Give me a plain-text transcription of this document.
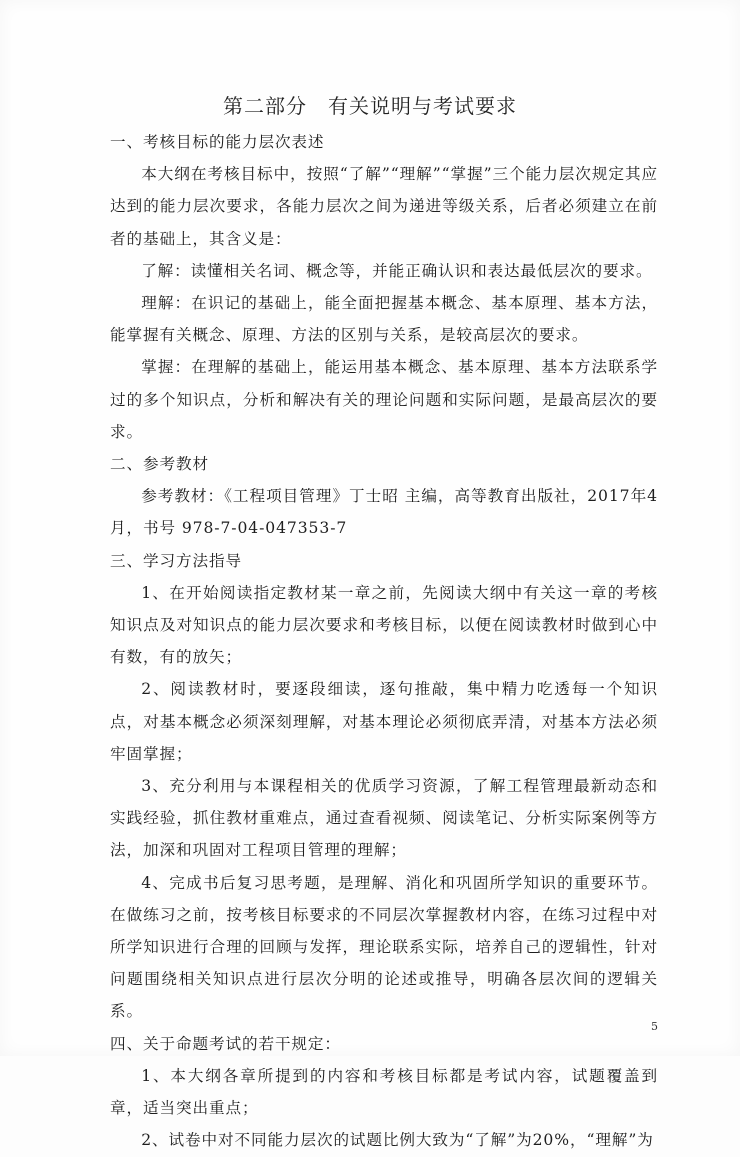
第二部分　有关说明与考试要求

一、考核目标的能力层次表述

本大纲在考核目标中，按照“了解”“理解”“掌握”三个能力层次规定其应达到的能力层次要求，各能力层次之间为递进等级关系，后者必须建立在前者的基础上，其含义是：

了解：读懂相关名词、概念等，并能正确认识和表达最低层次的要求。

理解：在识记的基础上，能全面把握基本概念、基本原理、基本方法，能掌握有关概念、原理、方法的区别与关系，是较高层次的要求。

掌握：在理解的基础上，能运用基本概念、基本原理、基本方法联系学过的多个知识点，分析和解决有关的理论问题和实际问题，是最高层次的要求。

二、参考教材

参考教材：《工程项目管理》丁士昭 主编，高等教育出版社，2017年4月，书号 978-7-04-047353-7

三、学习方法指导

1、在开始阅读指定教材某一章之前，先阅读大纲中有关这一章的考核知识点及对知识点的能力层次要求和考核目标，以便在阅读教材时做到心中有数，有的放矢；

2、阅读教材时，要逐段细读，逐句推敲，集中精力吃透每一个知识点，对基本概念必须深刻理解，对基本理论必须彻底弄清，对基本方法必须牢固掌握；

3、充分利用与本课程相关的优质学习资源，了解工程管理最新动态和实践经验，抓住教材重难点，通过查看视频、阅读笔记、分析实际案例等方法，加深和巩固对工程项目管理的理解；

4、完成书后复习思考题，是理解、消化和巩固所学知识的重要环节。在做练习之前，按考核目标要求的不同层次掌握教材内容，在练习过程中对所学知识进行合理的回顾与发挥，理论联系实际，培养自己的逻辑性，针对问题围绕相关知识点进行层次分明的论述或推导，明确各层次间的逻辑关系。

四、关于命题考试的若干规定：

1、本大纲各章所提到的内容和考核目标都是考试内容，试题覆盖到章，适当突出重点；

2、试卷中对不同能力层次的试题比例大致为“了解”为20%，“理解”为

5
